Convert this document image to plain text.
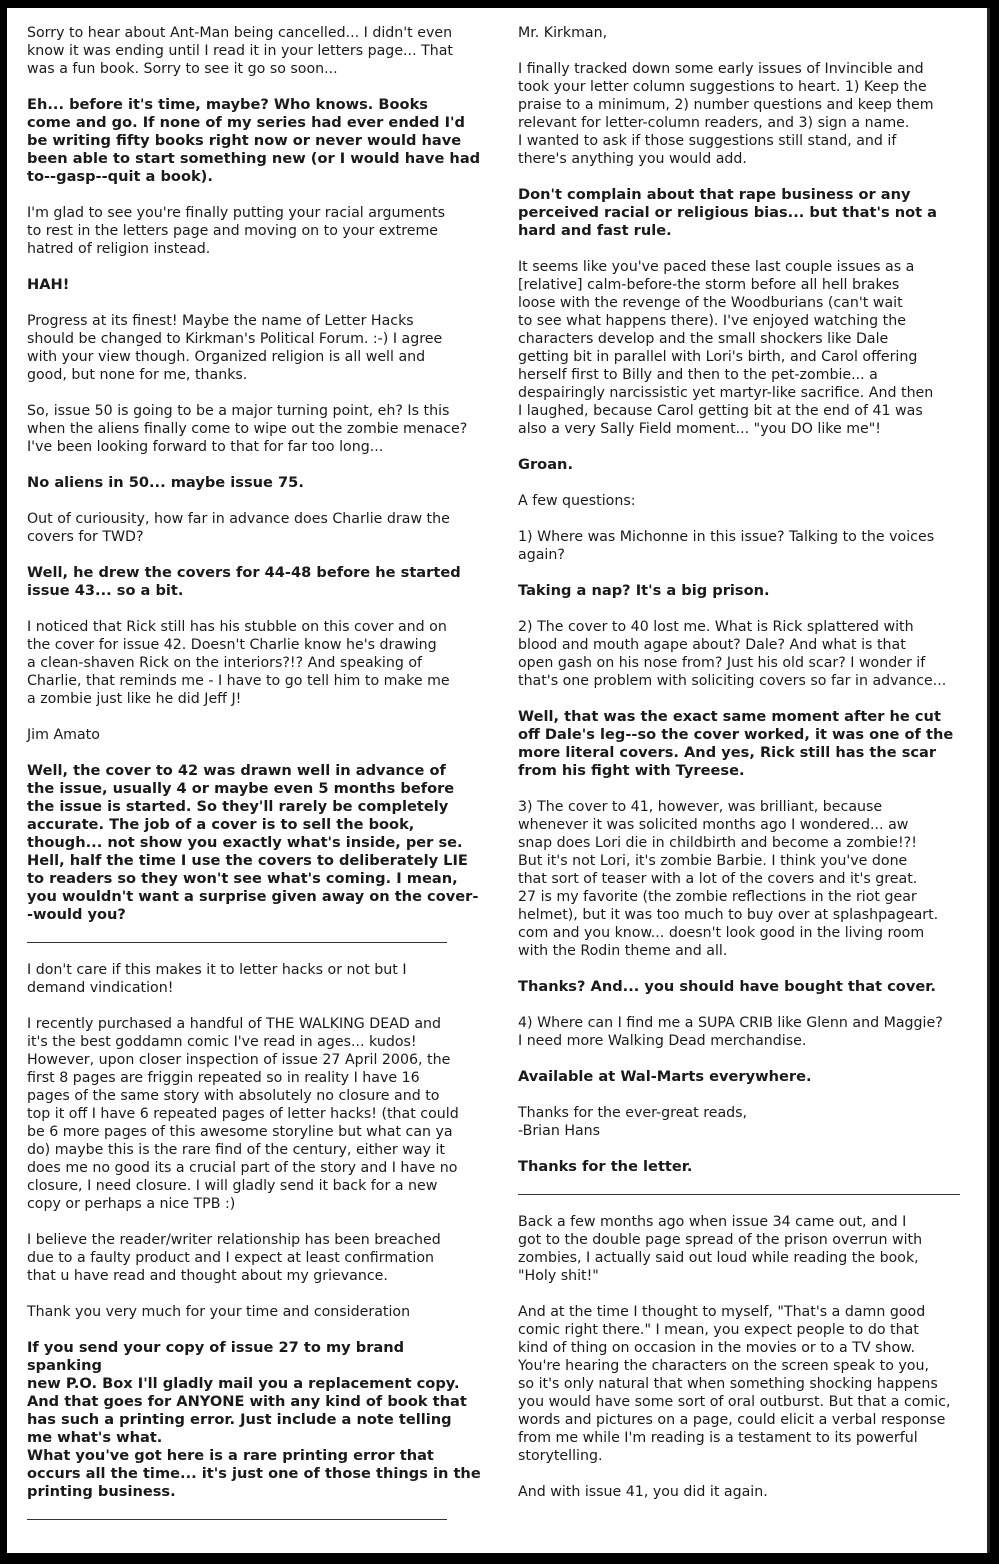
Sorry to hear about Ant-Man being cancelled... I didn't even
know it was ending until I read it in your letters page... That
was a fun book. Sorry to see it go so soon...

Eh... before it's time, maybe? Who knows. Books
come and go. If none of my series had ever ended I'd
be writing fifty books right now or never would have
been able to start something new (or I would have had
to--gasp--quit a book).

I'm glad to see you're finally putting your racial arguments
to rest in the letters page and moving on to your extreme
hatred of religion instead.

HAH!

Progress at its finest! Maybe the name of Letter Hacks
should be changed to Kirkman's Political Forum. :-) I agree
with your view though. Organized religion is all well and
good, but none for me, thanks.

So, issue 50 is going to be a major turning point, eh? Is this
when the aliens finally come to wipe out the zombie menace?
I've been looking forward to that for far too long...

No aliens in 50... maybe issue 75.

Out of curiousity, how far in advance does Charlie draw the
covers for TWD?

Well, he drew the covers for 44-48 before he started
issue 43... so a bit.

I noticed that Rick still has his stubble on this cover and on
the cover for issue 42. Doesn't Charlie know he's drawing
a clean-shaven Rick on the interiors?!? And speaking of
Charlie, that reminds me - I have to go tell him to make me
a zombie just like he did Jeff J!

Jim Amato

Well, the cover to 42 was drawn well in advance of
the issue, usually 4 or maybe even 5 months before
the issue is started. So they'll rarely be completely
accurate. The job of a cover is to sell the book,
though... not show you exactly what's inside, per se.
Hell, half the time I use the covers to deliberately LIE
to readers so they won't see what's coming. I mean,
you wouldn't want a surprise given away on the cover-
-would you?

I don't care if this makes it to letter hacks or not but I
demand vindication!

I recently purchased a handful of THE WALKING DEAD and
it's the best goddamn comic I've read in ages... kudos!
However, upon closer inspection of issue 27 April 2006, the
first 8 pages are friggin repeated so in reality I have 16
pages of the same story with absolutely no closure and to
top it off I have 6 repeated pages of letter hacks! (that could
be 6 more pages of this awesome storyline but what can ya
do) maybe this is the rare find of the century, either way it
does me no good its a crucial part of the story and I have no
closure, I need closure. I will gladly send it back for a new
copy or perhaps a nice TPB :)

I believe the reader/writer relationship has been breached
due to a faulty product and I expect at least confirmation
that u have read and thought about my grievance.

Thank you very much for your time and consideration

If you send your copy of issue 27 to my brand spanking
new P.O. Box I'll gladly mail you a replacement copy.
And that goes for ANYONE with any kind of book that
has such a printing error. Just include a note telling
me what's what.
What you've got here is a rare printing error that
occurs all the time... it's just one of those things in the
printing business.

Mr. Kirkman,

I finally tracked down some early issues of Invincible and
took your letter column suggestions to heart. 1) Keep the
praise to a minimum, 2) number questions and keep them
relevant for letter-column readers, and 3) sign a name.
I wanted to ask if those suggestions still stand, and if
there's anything you would add.

Don't complain about that rape business or any
perceived racial or religious bias... but that's not a
hard and fast rule.

It seems like you've paced these last couple issues as a
[relative] calm-before-the storm before all hell brakes
loose with the revenge of the Woodburians (can't wait
to see what happens there). I've enjoyed watching the
characters develop and the small shockers like Dale
getting bit in parallel with Lori's birth, and Carol offering
herself first to Billy and then to the pet-zombie... a
despairingly narcissistic yet martyr-like sacrifice. And then
I laughed, because Carol getting bit at the end of 41 was
also a very Sally Field moment... "you DO like me"!

Groan.

A few questions:

1) Where was Michonne in this issue? Talking to the voices
again?

Taking a nap? It's a big prison.

2) The cover to 40 lost me. What is Rick splattered with
blood and mouth agape about? Dale? And what is that
open gash on his nose from? Just his old scar? I wonder if
that's one problem with soliciting covers so far in advance...

Well, that was the exact same moment after he cut
off Dale's leg--so the cover worked, it was one of the
more literal covers. And yes, Rick still has the scar
from his fight with Tyreese.

3) The cover to 41, however, was brilliant, because
whenever it was solicited months ago I wondered... aw
snap does Lori die in childbirth and become a zombie!?!
But it's not Lori, it's zombie Barbie. I think you've done
that sort of teaser with a lot of the covers and it's great.
27 is my favorite (the zombie reflections in the riot gear
helmet), but it was too much to buy over at splashpageart.
com and you know... doesn't look good in the living room
with the Rodin theme and all.

Thanks? And... you should have bought that cover.

4) Where can I find me a SUPA CRIB like Glenn and Maggie?
I need more Walking Dead merchandise.

Available at Wal-Marts everywhere.

Thanks for the ever-great reads,
-Brian Hans

Thanks for the letter.

Back a few months ago when issue 34 came out, and I
got to the double page spread of the prison overrun with
zombies, I actually said out loud while reading the book,
"Holy shit!"

And at the time I thought to myself, "That's a damn good
comic right there." I mean, you expect people to do that
kind of thing on occasion in the movies or to a TV show.
You're hearing the characters on the screen speak to you,
so it's only natural that when something shocking happens
you would have some sort of oral outburst. But that a comic,
words and pictures on a page, could elicit a verbal response
from me while I'm reading is a testament to its powerful
storytelling.

And with issue 41, you did it again.
